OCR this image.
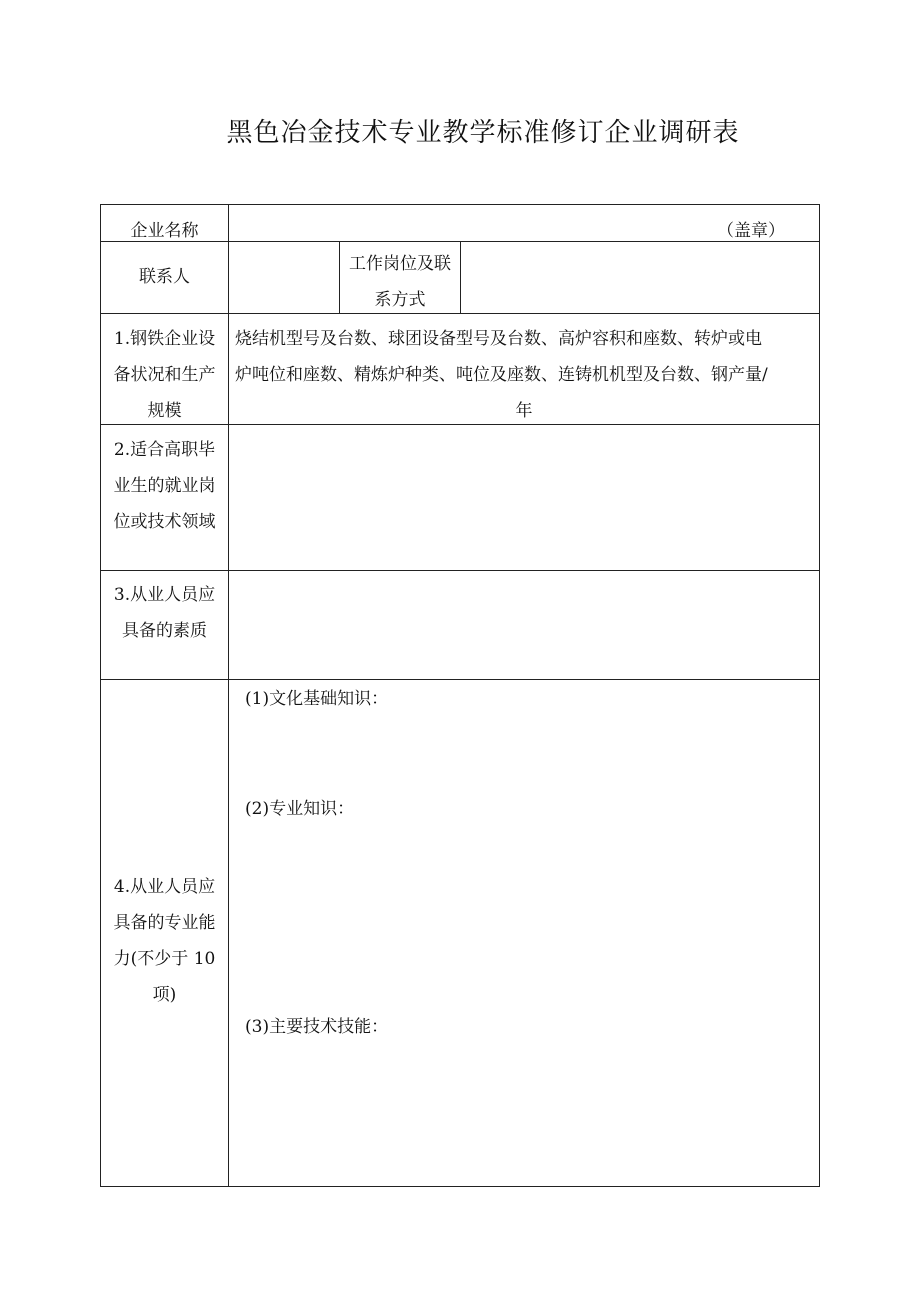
黑色冶金技术专业教学标准修订企业调研表
企业名称	（盖章）
联系人
工作岗位及联
系方式
1.钢铁企业设
备状况和生产
规模
烧结机型号及台数、球团设备型号及台数、高炉容积和座数、转炉或电
炉吨位和座数、精炼炉种类、吨位及座数、连铸机机型及台数、钢产量/
年
2.适合高职毕
业生的就业岗
位或技术领域
3.从业人员应
具备的素质
4.从业人员应
具备的专业能
力(不少于 10
项)
(1)文化基础知识：
(2)专业知识：
(3)主要技术技能：
